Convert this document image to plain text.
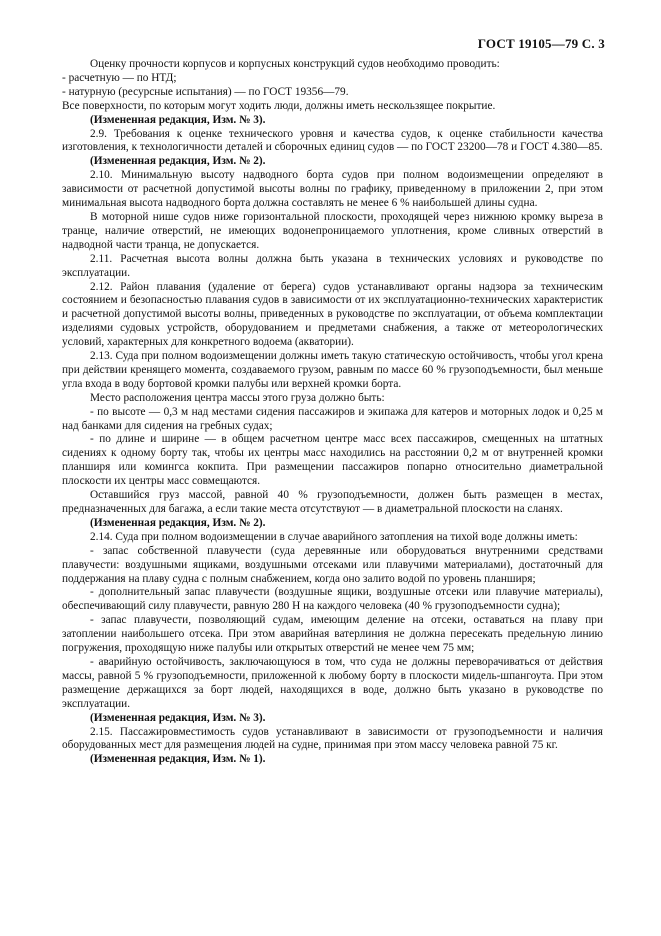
ГОСТ 19105—79 С. 3

Оценку прочности корпусов и корпусных конструкций судов необходимо проводить:

- расчетную — по НТД;

- натурную (ресурсные испытания) — по ГОСТ 19356—79.

Все поверхности, по которым могут ходить люди, должны иметь нескользящее покрытие.

(Измененная редакция, Изм. № 3).

2.9. Требования к оценке технического уровня и качества судов, к оценке стабильности качества изготовления, к технологичности деталей и сборочных единиц судов — по ГОСТ 23200—78 и ГОСТ 4.380—85.

(Измененная редакция, Изм. № 2).

2.10. Минимальную высоту надводного борта судов при полном водоизмещении определяют в зависимости от расчетной допустимой высоты волны по графику, приведенному в приложении 2, при этом минимальная высота надводного борта должна составлять не менее 6 % наибольшей длины судна.

В моторной нише судов ниже горизонтальной плоскости, проходящей через нижнюю кромку выреза в транце, наличие отверстий, не имеющих водонепроницаемого уплотнения, кроме сливных отверстий в надводной части транца, не допускается.

2.11. Расчетная высота волны должна быть указана в технических условиях и руководстве по эксплуатации.

2.12. Район плавания (удаление от берега) судов устанавливают органы надзора за техническим состоянием и безопасностью плавания судов в зависимости от их эксплуатационно-технических характеристик и расчетной допустимой высоты волны, приведенных в руководстве по эксплуатации, от объема комплектации изделиями судовых устройств, оборудованием и предметами снабжения, а также от метеорологических условий, характерных для конкретного водоема (акватории).

2.13. Суда при полном водоизмещении должны иметь такую статическую остойчивость, чтобы угол крена при действии кренящего момента, создаваемого грузом, равным по массе 60 % грузоподъемности, был меньше угла входа в воду бортовой кромки палубы или верхней кромки борта.

Место расположения центра массы этого груза должно быть:

- по высоте — 0,3 м над местами сидения пассажиров и экипажа для катеров и моторных лодок и 0,25 м над банками для сидения на гребных судах;

- по длине и ширине — в общем расчетном центре масс всех пассажиров, смещенных на штатных сидениях к одному борту так, чтобы их центры масс находились на расстоянии 0,2 м от внутренней кромки планширя или комингса кокпита. При размещении пассажиров попарно относительно диаметральной плоскости их центры масс совмещаются.

Оставшийся груз массой, равной 40 % грузоподъемности, должен быть размещен в местах, предназначенных для багажа, а если такие места отсутствуют — в диаметральной плоскости на сланях.

(Измененная редакция, Изм. № 2).

2.14. Суда при полном водоизмещении в случае аварийного затопления на тихой воде должны иметь:

- запас собственной плавучести (суда деревянные или оборудоваться внутренними средствами плавучести: воздушными ящиками, воздушными отсеками или плавучими материалами), достаточный для поддержания на плаву судна с полным снабжением, когда оно залито водой по уровень планширя;

- дополнительный запас плавучести (воздушные ящики, воздушные отсеки или плавучие материалы), обеспечивающий силу плавучести, равную 280 Н на каждого человека (40 % грузоподъемности судна);

- запас плавучести, позволяющий судам, имеющим деление на отсеки, оставаться на плаву при затоплении наибольшего отсека. При этом аварийная ватерлиния не должна пересекать предельную линию погружения, проходящую ниже палубы или открытых отверстий не менее чем 75 мм;

- аварийную остойчивость, заключающуюся в том, что суда не должны переворачиваться от действия массы, равной 5 % грузоподъемности, приложенной к любому борту в плоскости мидель-шпангоута. При этом размещение держащихся за борт людей, находящихся в воде, должно быть указано в руководстве по эксплуатации.

(Измененная редакция, Изм. № 3).

2.15. Пассажировместимость судов устанавливают в зависимости от грузоподъемности и наличия оборудованных мест для размещения людей на судне, принимая при этом массу человека равной 75 кг.

(Измененная редакция, Изм. № 1).
